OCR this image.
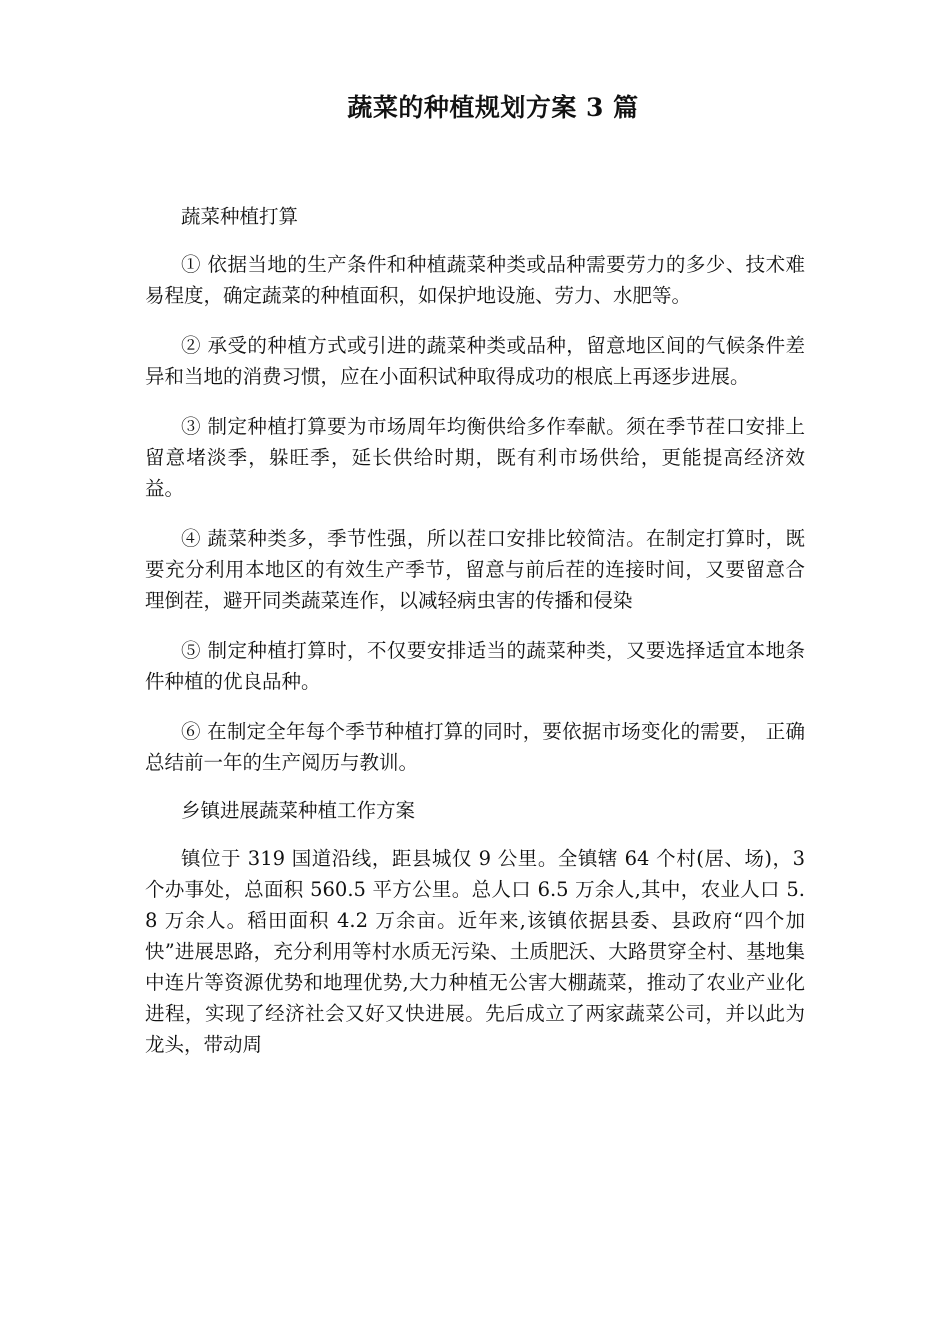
蔬菜的种植规划方案 3 篇

蔬菜种植打算

① 依据当地的生产条件和种植蔬菜种类或品种需要劳力的多少、技术难易程度，确定蔬菜的种植面积，如保护地设施、劳力、水肥等。

② 承受的种植方式或引进的蔬菜种类或品种，留意地区间的气候条件差异和当地的消费习惯，应在小面积试种取得成功的根底上再逐步进展。

③ 制定种植打算要为市场周年均衡供给多作奉献。须在季节茬口安排上留意堵淡季，躲旺季，延长供给时期，既有利市场供给，更能提高经济效益。

④ 蔬菜种类多，季节性强，所以茬口安排比较简洁。在制定打算时，既要充分利用本地区的有效生产季节，留意与前后茬的连接时间，又要留意合理倒茬，避开同类蔬菜连作，以减轻病虫害的传播和侵染

⑤ 制定种植打算时，不仅要安排适当的蔬菜种类，又要选择适宜本地条件种植的优良品种。

⑥ 在制定全年每个季节种植打算的同时，要依据市场变化的需要， 正确总结前一年的生产阅历与教训。

乡镇进展蔬菜种植工作方案

镇位于 319 国道沿线，距县城仅 9 公里。全镇辖 64 个村(居、场)，3 个办事处，总面积 560.5 平方公里。总人口 6.5 万余人,其中，农业人口 5.8 万余人。稻田面积 4.2 万余亩。近年来,该镇依据县委、县政府“四个加快”进展思路，充分利用等村水质无污染、土质肥沃、大路贯穿全村、基地集中连片等资源优势和地理优势,大力种植无公害大棚蔬菜，推动了农业产业化进程，实现了经济社会又好又快进展。先后成立了两家蔬菜公司，并以此为龙头，带动周
